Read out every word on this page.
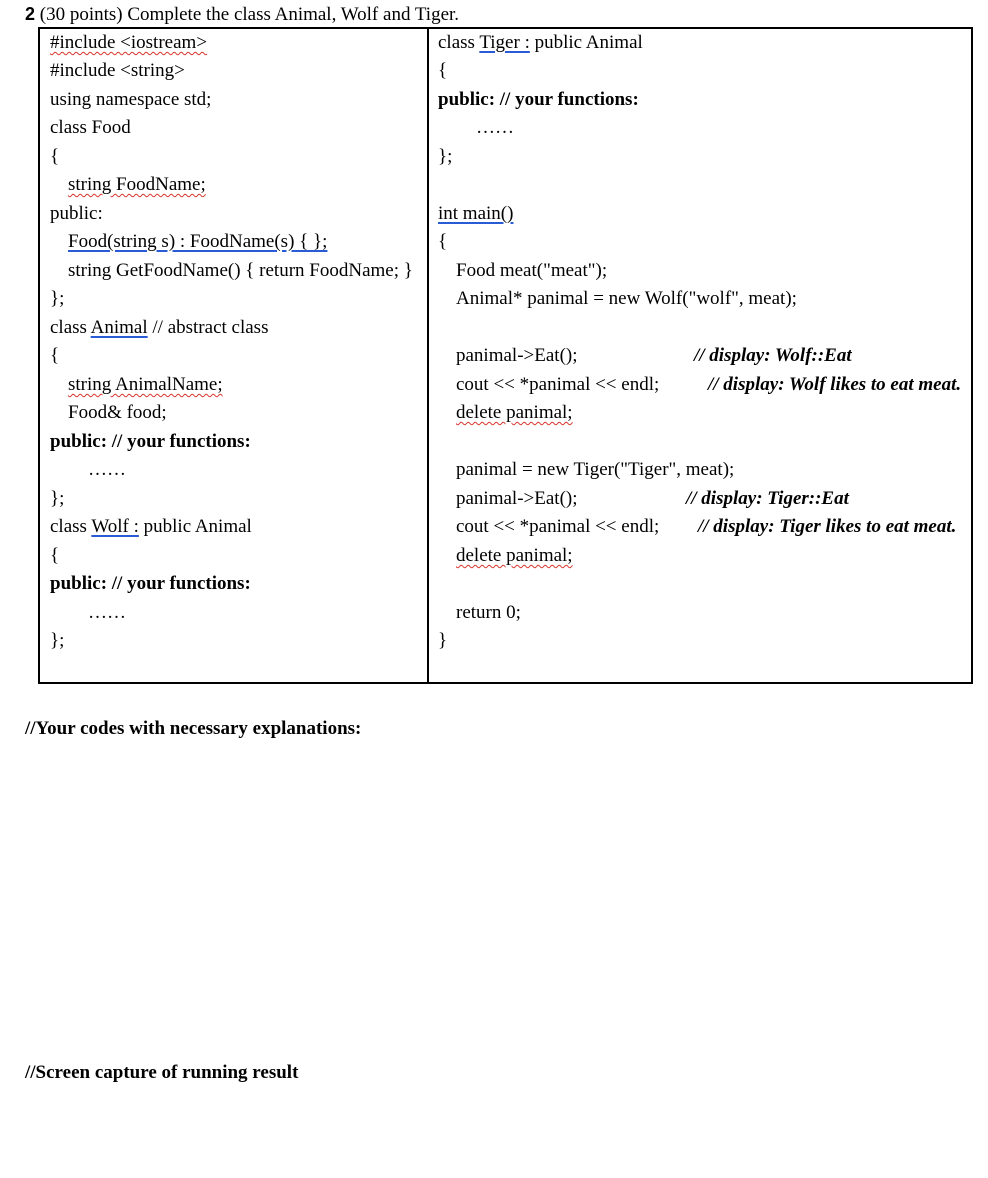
2 (30 points) Complete the class Animal, Wolf and Tiger.
#include <iostream>
#include <string>
using namespace std;
class Food
{
string FoodName;
public:
Food(string s) : FoodName(s) { };
string GetFoodName() { return FoodName; }
};
class Animal // abstract class
{
string AnimalName;
Food& food;
public: // your functions:
……
};
class Wolf : public Animal
{
public: // your functions:
……
};
class Tiger : public Animal
{
public: // your functions:
……
};
int main()
{
Food meat("meat");
Animal* panimal = new Wolf("wolf", meat);
panimal->Eat();	// display: Wolf::Eat
cout << *panimal << endl;	// display: Wolf likes to eat meat.
delete panimal;
panimal = new Tiger("Tiger", meat);
panimal->Eat();	// display: Tiger::Eat
cout << *panimal << endl; // display: Tiger likes to eat meat.
delete panimal;
return 0;
}
//Your codes with necessary explanations:
//Screen capture of running result
